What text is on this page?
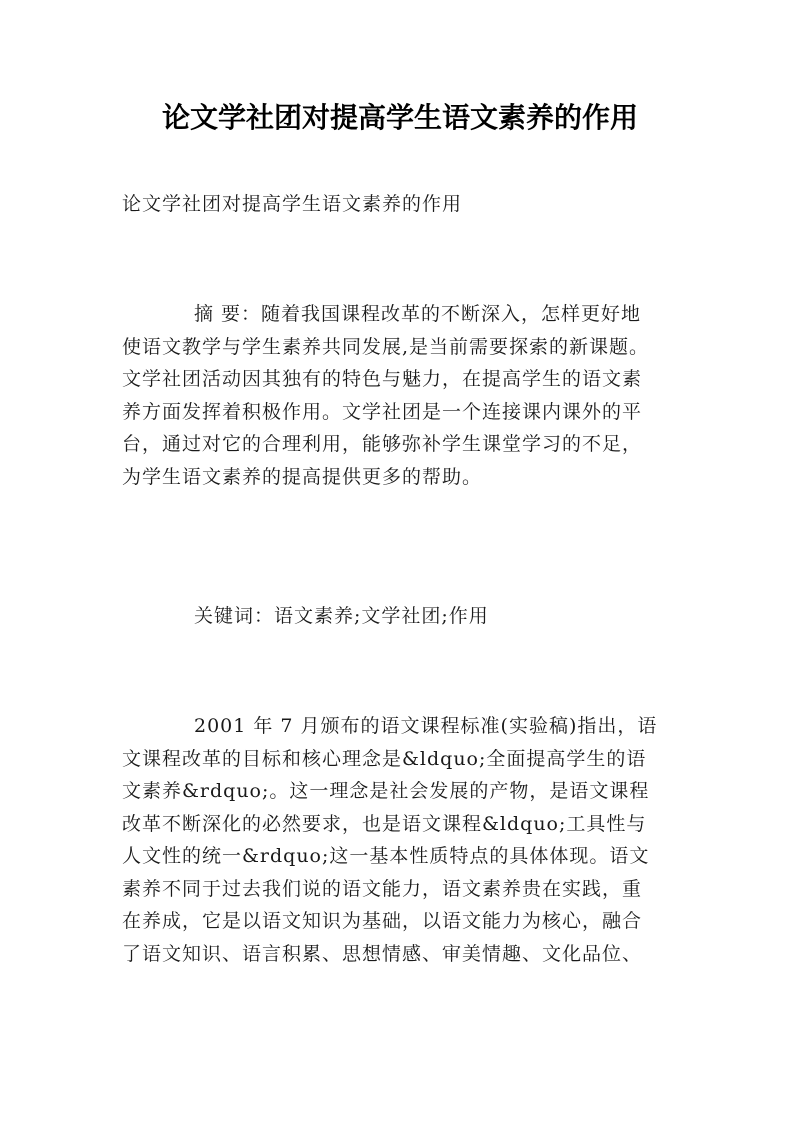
论文学社团对提高学生语文素养的作用

论文学社团对提高学生语文素养的作用

摘 要：随着我国课程改革的不断深入，怎样更好地
使语文教学与学生素养共同发展,是当前需要探索的新课题。
文学社团活动因其独有的特色与魅力，在提高学生的语文素
养方面发挥着积极作用。文学社团是一个连接课内课外的平
台，通过对它的合理利用，能够弥补学生课堂学习的不足，
为学生语文素养的提高提供更多的帮助。
关键词：语文素养;文学社团;作用
2001 年 7 月颁布的语文课程标准(实验稿)指出，语
文课程改革的目标和核心理念是&ldquo;全面提高学生的语
文素养&rdquo;。这一理念是社会发展的产物，是语文课程
改革不断深化的必然要求，也是语文课程&ldquo;工具性与
人文性的统一&rdquo;这一基本性质特点的具体体现。语文
素养不同于过去我们说的语文能力，语文素养贵在实践，重
在养成，它是以语文知识为基础，以语文能力为核心，融合
了语文知识、语言积累、思想情感、审美情趣、文化品位、
